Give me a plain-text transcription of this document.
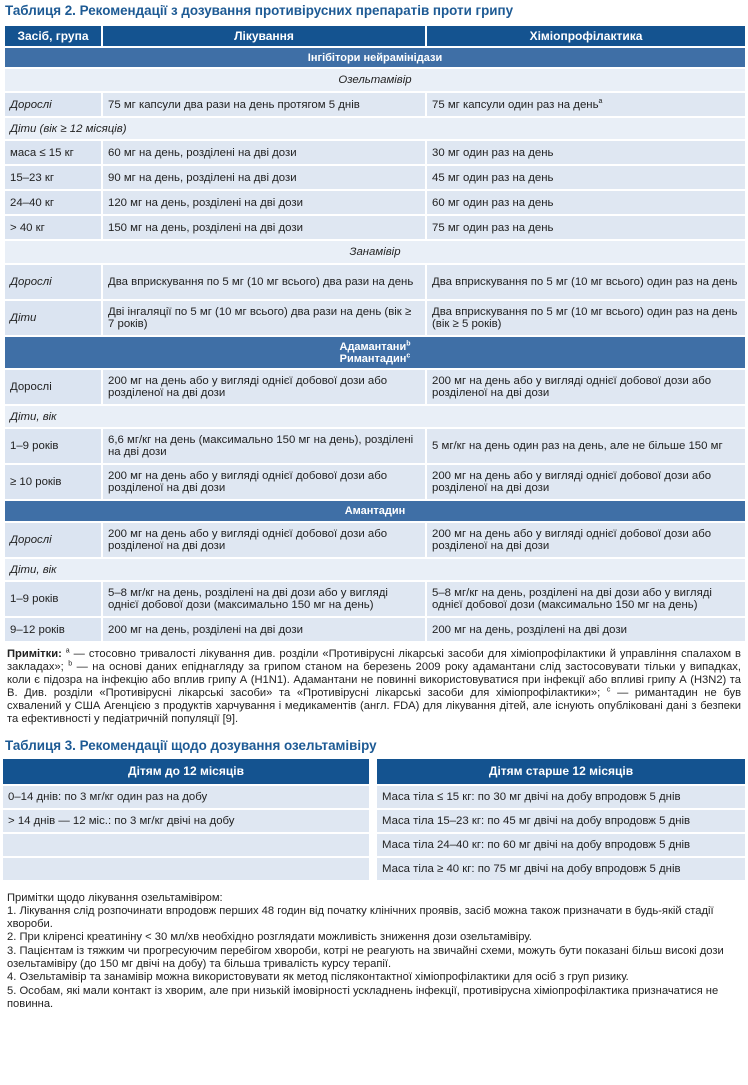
Таблиця 2. Рекомендації з дозування противірусних препаратів проти грипу
Засіб, група	Лікування	Хіміопрофілактика
Інгібітори нейрамінідази		
Озельтамівір		
Дорослі	75 мг капсули два рази на день протягом 5 днів	75 мг капсули один раз на день$^a$
Діти (вік ≥ 12 місяців)		
маса ≤ 15 кг	60 мг на день, розділені на дві дози	30 мг один раз на день
15–23 кг	90 мг на день, розділені на дві дози	45 мг один раз на день
24–40 кг	120 мг на день, розділені на дві дози	60 мг один раз на день
> 40 кг	150 мг на день, розділені на дві дози	75 мг один раз на день
Занамівір		
Дорослі	Два вприскування по 5 мг (10 мг всього) два рази на день	Два вприскування по 5 мг (10 мг всього) один раз на день
Діти	Дві інгаляції по 5 мг (10 мг всього) два рази на день (вік ≥ 7 років)	Два вприскування по 5 мг (10 мг всього) один раз на день (вік ≥ 5 років)

Адамантани$^b$
Римантадин$^c$

Дорослі	200 мг на день або у вигляді однієї добової дози або розділеної на дві дози	200 мг на день або у вигляді однієї добової дози або розділеної на дві дози
Діти, вік		
1–9 років	6,6 мг/кг на день (максимально 150 мг на день), розділені на дві дози	5 мг/кг на день один раз на день, але не більше 150 мг
≥ 10 років	200 мг на день або у вигляді однієї добової дози або розділеної на дві дози	200 мг на день або у вигляді однієї добової дози або розділеної на дві дози
Амантадин		
Дорослі	200 мг на день або у вигляді однієї добової дози або розділеної на дві дози	200 мг на день або у вигляді однієї добової дози або розділеної на дві дози
Діти, вік		
1–9 років	5–8 мг/кг на день, розділені на дві дози або у вигляді однієї добової дози (максимально 150 мг на день)	5–8 мг/кг на день, розділені на дві дози або у вигляді однієї добової дози (максимально 150 мг на день)
9–12 років	200 мг на день, розділені на дві дози	200 мг на день, розділені на дві дози
Примітки: $^a$ — стосовно тривалості лікування див. розділи «Противірусні лікарські засоби для хіміопрофілактики й управління спалахом в закладах»; $^b$ — на основі даних епіднагляду за грипом станом на березень 2009 року адамантани слід застосовувати тільки у випадках, коли є підозра на інфекцію або вплив грипу А (H1N1). Адамантани не повинні використовуватися при інфекції або впливі грипу А (H3N2) та В. Див. розділи «Противірусні лікарські засоби» та «Противірусні лікарські засоби для хіміопрофілактики»; $^c$ — римантадин не був схвалений у США Агенцією з продуктів харчування і медикаментів (англ. FDA) для лікування дітей, але існують опубліковані дані з безпеки та ефективності у педіатричній популяції [9].
Таблиця 3. Рекомендації щодо дозування озельтамівіру
Дітям до 12 місяців	Дітям старше 12 місяців
0–14 днів: по 3 мг/кг один раз на добу	Маса тіла ≤ 15 кг: по 30 мг двічі на добу впродовж 5 днів
> 14 днів — 12 міс.: по 3 мг/кг двічі на добу	Маса тіла 15–23 кг: по 45 мг двічі на добу впродовж 5 днів
	Маса тіла 24–40 кг: по 60 мг двічі на добу впродовж 5 днів
	Маса тіла ≥ 40 кг: по 75 мг двічі на добу впродовж 5 днів
Примітки щодо лікування озельтамівіром:
1. Лікування слід розпочинати впродовж перших 48 годин від початку клінічних проявів, засіб можна також призначати в будь-якій стадії хвороби.
2. При кліренсі креатиніну < 30 мл/хв необхідно розглядати можливість зниження дози озельтамівіру.
3. Пацієнтам із тяжким чи прогресуючим перебігом хвороби, котрі не реагують на звичайні схеми, можуть бути показані більш високі дози озельтамівіру (до 150 мг двічі на добу) та більша тривалість курсу терапії.
4. Озельтамівір та занамівір можна використовувати як метод післяконтактної хіміопрофілактики для осіб з груп ризику.
5. Особам, які мали контакт із хворим, але при низькій імовірності ускладнень інфекції, противірусна хіміопрофілактика призначатися не повинна.
